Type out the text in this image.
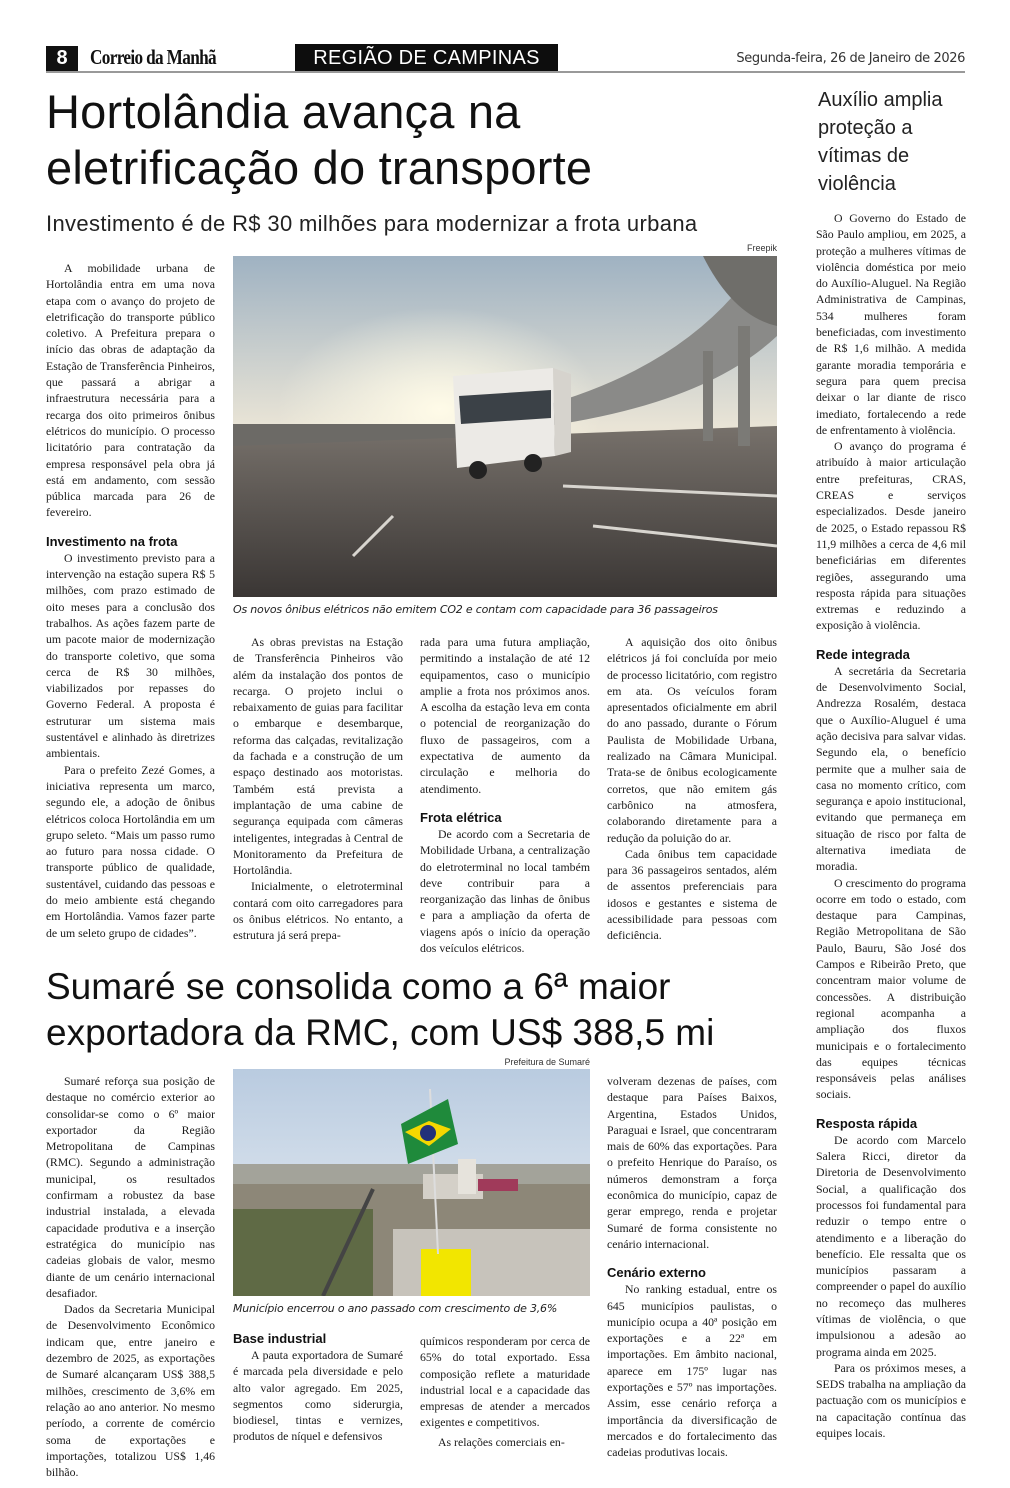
8	Correio da Manhã	REGIÃO DE CAMPINAS	Segunda-feira, 26 de Janeiro de 2026
Hortolândia avança na
eletrificação do transporte
Investimento é de R$ 30 milhões para modernizar a frota urbana
Freepik
Os novos ônibus elétricos não emitem CO2 e contam com capacidade para 36 passageiros

A mobilidade urbana de Hortolândia entra em uma nova etapa com o avanço do projeto de eletrificação do transporte público coletivo. A Prefeitura prepara o início das obras de adaptação da Estação de Transferência Pinheiros, que passará a abrigar a infraestrutura necessária para a recarga dos oito primeiros ônibus elétricos do município. O processo licitatório para contratação da empresa responsável pela obra já está em andamento, com sessão pública marcada para 26 de fevereiro.

Investimento na frota

O investimento previsto para a intervenção na estação supera R$ 5 milhões, com prazo estimado de oito meses para a conclusão dos trabalhos. As ações fazem parte de um pacote maior de modernização do transporte coletivo, que soma cerca de R$ 30 milhões, viabilizados por repasses do Governo Federal. A proposta é estruturar um sistema mais sustentável e alinhado às diretrizes ambientais.

Para o prefeito Zezé Gomes, a iniciativa representa um marco, segundo ele, a adoção de ônibus elétricos coloca Hortolândia em um grupo seleto. “Mais um passo rumo ao futuro para nossa cidade. O transporte público de qualidade, sustentável, cuidando das pessoas e do meio ambiente está chegando em Hortolândia. Vamos fazer parte de um seleto grupo de cidades”.

As obras previstas na Estação de Transferência Pinheiros vão além da instalação dos pontos de recarga. O projeto inclui o rebaixamento de guias para facilitar o embarque e desembarque, reforma das calçadas, revitalização da fachada e a construção de um espaço destinado aos motoristas. Também está prevista a implantação de uma cabine de segurança equipada com câmeras inteligentes, integradas à Central de Monitoramento da Prefeitura de Hortolândia.

Inicialmente, o eletroterminal contará com oito carregadores para os ônibus elétricos. No entanto, a estrutura já será prepa-

rada para uma futura ampliação, permitindo a instalação de até 12 equipamentos, caso o município amplie a frota nos próximos anos. A escolha da estação leva em conta o potencial de reorganização do fluxo de passageiros, com a expectativa de aumento da circulação e melhoria do atendimento.

Frota elétrica

De acordo com a Secretaria de Mobilidade Urbana, a centralização do eletroterminal no local também deve contribuir para a reorganização das linhas de ônibus e para a ampliação da oferta de viagens após o início da operação dos veículos elétricos.

A aquisição dos oito ônibus elétricos já foi concluída por meio de processo licitatório, com registro em ata. Os veículos foram apresentados oficialmente em abril do ano passado, durante o Fórum Paulista de Mobilidade Urbana, realizado na Câmara Municipal. Trata-se de ônibus ecologicamente corretos, que não emitem gás carbônico na atmosfera, colaborando diretamente para a redução da poluição do ar.

Cada ônibus tem capacidade para 36 passageiros sentados, além de assentos preferenciais para idosos e gestantes e sistema de acessibilidade para pessoas com deficiência.

Auxílio amplia proteção a vítimas de violência

O Governo do Estado de São Paulo ampliou, em 2025, a proteção a mulheres vítimas de violência doméstica por meio do Auxílio-Aluguel. Na Região Administrativa de Campinas, 534 mulheres foram beneficiadas, com investimento de R$ 1,6 milhão. A medida garante moradia temporária e segura para quem precisa deixar o lar diante de risco imediato, fortalecendo a rede de enfrentamento à violência.

O avanço do programa é atribuído à maior articulação entre prefeituras, CRAS, CREAS e serviços especializados. Desde janeiro de 2025, o Estado repassou R$ 11,9 milhões a cerca de 4,6 mil beneficiárias em diferentes regiões, assegurando uma resposta rápida para situações extremas e reduzindo a exposição à violência.

Rede integrada

A secretária da Secretaria de Desenvolvimento Social, Andrezza Rosalém, destaca que o Auxílio-Aluguel é uma ação decisiva para salvar vidas. Segundo ela, o benefício permite que a mulher saia de casa no momento crítico, com segurança e apoio institucional, evitando que permaneça em situação de risco por falta de alternativa imediata de moradia.

O crescimento do programa ocorre em todo o estado, com destaque para Campinas, Região Metropolitana de São Paulo, Bauru, São José dos Campos e Ribeirão Preto, que concentram maior volume de concessões. A distribuição regional acompanha a ampliação dos fluxos municipais e o fortalecimento das equipes técnicas responsáveis pelas análises sociais.

Resposta rápida

De acordo com Marcelo Salera Ricci, diretor da Diretoria de Desenvolvimento Social, a qualificação dos processos foi fundamental para reduzir o tempo entre o atendimento e a liberação do benefício. Ele ressalta que os municípios passaram a compreender o papel do auxílio no recomeço das mulheres vítimas de violência, o que impulsionou a adesão ao programa ainda em 2025.

Para os próximos meses, a SEDS trabalha na ampliação da pactuação com os municípios e na capacitação contínua das equipes locais.

Sumaré se consolida como a 6ª maior
exportadora da RMC, com US$ 388,5 mi
Prefeitura de Sumaré
Município encerrou o ano passado com crescimento de 3,6%

Sumaré reforça sua posição de destaque no comércio exterior ao consolidar-se como o 6º maior exportador da Região Metropolitana de Campinas (RMC). Segundo a administração municipal, os resultados confirmam a robustez da base industrial instalada, a elevada capacidade produtiva e a inserção estratégica do município nas cadeias globais de valor, mesmo diante de um cenário internacional desafiador.

Dados da Secretaria Municipal de Desenvolvimento Econômico indicam que, entre janeiro e dezembro de 2025, as exportações de Sumaré alcançaram US$ 388,5 milhões, crescimento de 3,6% em relação ao ano anterior. No mesmo período, a corrente de comércio soma de exportações e importações, totalizou US$ 1,46 bilhão.

Base industrial

A pauta exportadora de Sumaré é marcada pela diversidade e pelo alto valor agregado. Em 2025, segmentos como siderurgia, biodiesel, tintas e vernizes, produtos de níquel e defensivos

químicos responderam por cerca de 65% do total exportado. Essa composição reflete a maturidade industrial local e a capacidade das empresas de atender a mercados exigentes e competitivos.

As relações comerciais en-

volveram dezenas de países, com destaque para Países Baixos, Argentina, Estados Unidos, Paraguai e Israel, que concentraram mais de 60% das exportações. Para o prefeito Henrique do Paraíso, os números demonstram a força econômica do município, capaz de gerar emprego, renda e projetar Sumaré de forma consistente no cenário internacional.

Cenário externo

No ranking estadual, entre os 645 municípios paulistas, o município ocupa a 40ª posição em exportações e a 22ª em importações. Em âmbito nacional, aparece em 175º lugar nas exportações e 57º nas importações. Assim, esse cenário reforça a importância da diversificação de mercados e do fortalecimento das cadeias produtivas locais.
